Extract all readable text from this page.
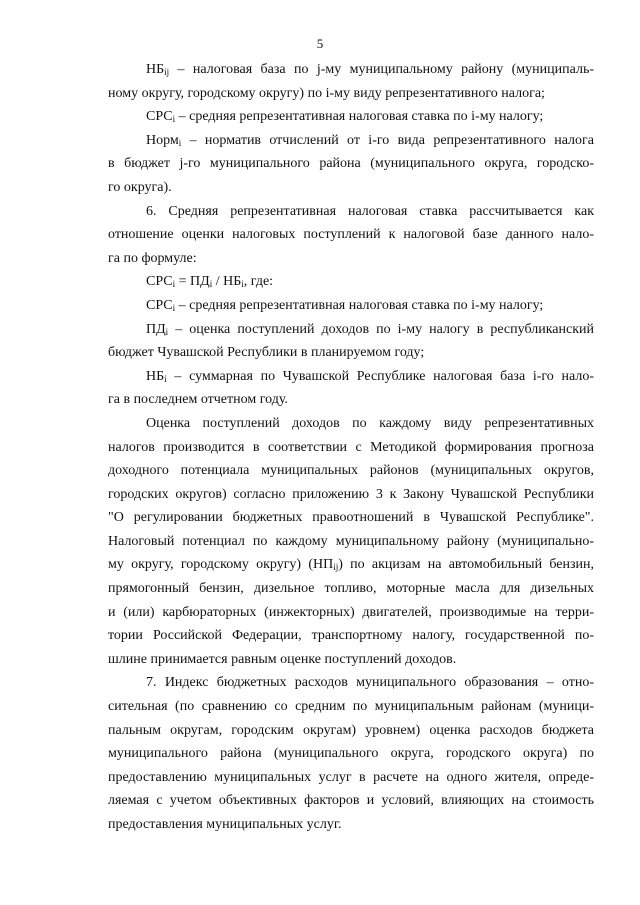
5
$НБ_{ij}$ – налоговая база по j-му муниципальному району (муниципаль-
ному округу, городскому округу) по i-му виду репрезентативного налога;
$СРС_i$ – средняя репрезентативная налоговая ставка по i-му налогу;
Норм$_i$ – норматив отчислений от i-го вида репрезентативного налога
в бюджет j-го муниципального района (муниципального округа, городско-
го округа).
6. Средняя репрезентативная налоговая ставка рассчитывается как
отношение оценки налоговых поступлений к налоговой базе данного нало-
га по формуле:
$СРС_i = ПД_i / НБ_i$, где:
$СРС_i$ – средняя репрезентативная налоговая ставка по i-му налогу;
$ПД_i$ – оценка поступлений доходов по i-му налогу в республиканский
бюджет Чувашской Республики в планируемом году;
$НБ_i$ – суммарная по Чувашской Республике налоговая база i-го нало-
га в последнем отчетном году.
Оценка поступлений доходов по каждому виду репрезентативных
налогов производится в соответствии с Методикой формирования прогноза
доходного потенциала муниципальных районов (муниципальных округов,
городских округов) согласно приложению 3 к Закону Чувашской Республики
"О регулировании бюджетных правоотношений в Чувашской Республике".
Налоговый потенциал по каждому муниципальному району (муниципально-
му округу, городскому округу) $(НП_{ij})$ по акцизам на автомобильный бензин,
прямогонный бензин, дизельное топливо, моторные масла для дизельных
и (или) карбюраторных (инжекторных) двигателей, производимые на терри-
тории Российской Федерации, транспортному налогу, государственной по-
шлине принимается равным оценке поступлений доходов.
7. Индекс бюджетных расходов муниципального образования – отно-
сительная (по сравнению со средним по муниципальным районам (муници-
пальным округам, городским округам) уровнем) оценка расходов бюджета
муниципального района (муниципального округа, городского округа) по
предоставлению муниципальных услуг в расчете на одного жителя, опреде-
ляемая с учетом объективных факторов и условий, влияющих на стоимость
предоставления муниципальных услуг.
